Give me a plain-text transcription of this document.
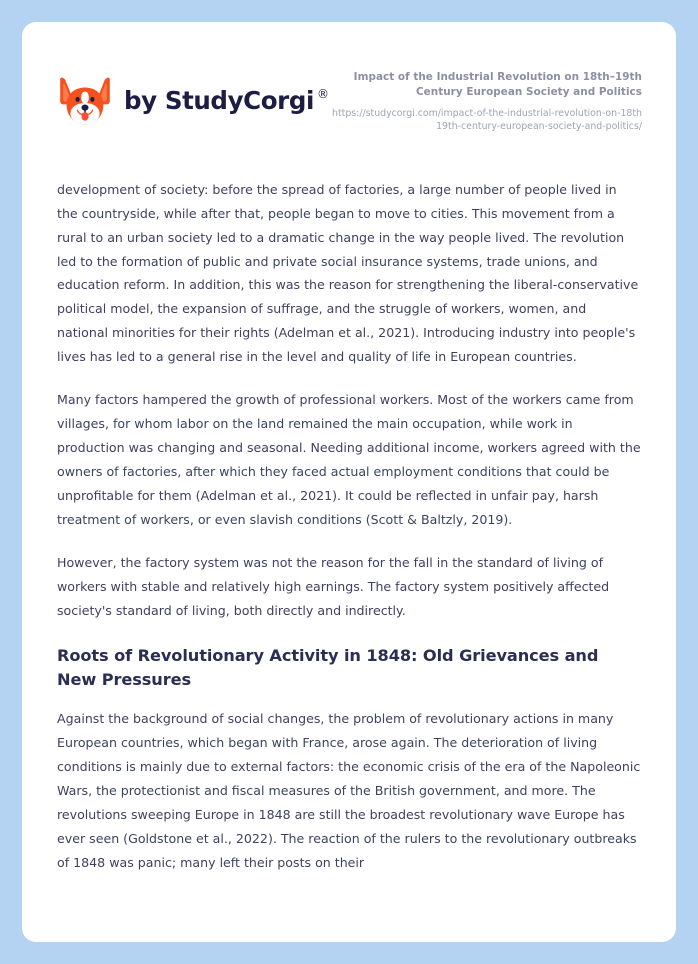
by StudyCorgi ®
Impact of the Industrial Revolution on 18th–19th Century European Society and Politics
https://studycorgi.com/impact-of-the-industrial-revolution-on-18th19th-century-european-society-and-politics/

development of society: before the spread of factories, a large number of people lived in the countryside, while after that, people began to move to cities. This movement from a rural to an urban society led to a dramatic change in the way people lived. The revolution led to the formation of public and private social insurance systems, trade unions, and education reform. In addition, this was the reason for strengthening the liberal-conservative political model, the expansion of suffrage, and the struggle of workers, women, and national minorities for their rights (Adelman et al., 2021). Introducing industry into people's lives has led to a general rise in the level and quality of life in European countries.

Many factors hampered the growth of professional workers. Most of the workers came from villages, for whom labor on the land remained the main occupation, while work in production was changing and seasonal. Needing additional income, workers agreed with the owners of factories, after which they faced actual employment conditions that could be unprofitable for them (Adelman et al., 2021). It could be reflected in unfair pay, harsh treatment of workers, or even slavish conditions (Scott & Baltzly, 2019).

However, the factory system was not the reason for the fall in the standard of living of workers with stable and relatively high earnings. The factory system positively affected society's standard of living, both directly and indirectly.

Roots of Revolutionary Activity in 1848: Old Grievances and New Pressures

Against the background of social changes, the problem of revolutionary actions in many European countries, which began with France, arose again. The deterioration of living conditions is mainly due to external factors: the economic crisis of the era of the Napoleonic Wars, the protectionist and fiscal measures of the British government, and more. The revolutions sweeping Europe in 1848 are still the broadest revolutionary wave Europe has ever seen (Goldstone et al., 2022). The reaction of the rulers to the revolutionary outbreaks of 1848 was panic; many left their posts on their
